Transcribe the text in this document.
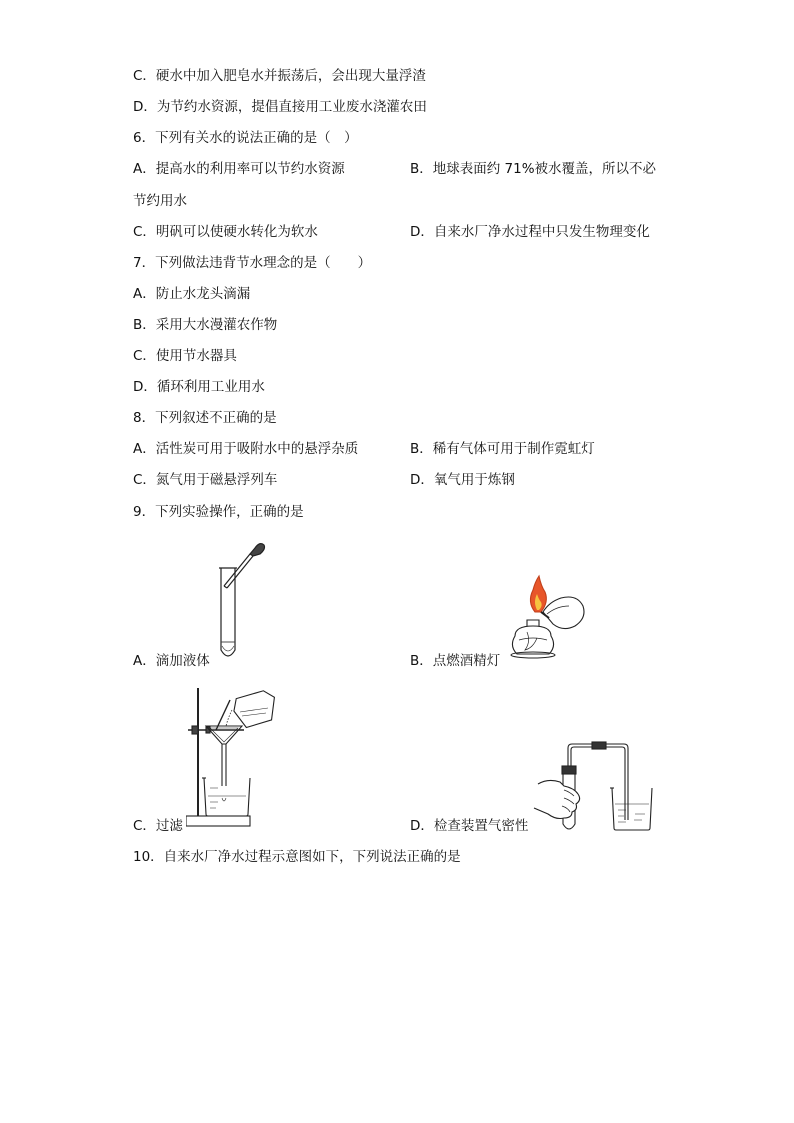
C．硬水中加入肥皂水并振荡后，会出现大量浮渣
D．为节约水资源，提倡直接用工业废水浇灌农田
6．下列有关水的说法正确的是（　）
A．提高水的利用率可以节约水资源	B．地球表面约 71%被水覆盖，所以不必
节约用水
C．明矾可以使硬水转化为软水	D．自来水厂净水过程中只发生物理变化
7．下列做法违背节水理念的是（　　）
A．防止水龙头滴漏
B．采用大水漫灌农作物
C．使用节水器具
D．循环利用工业用水
8．下列叙述不正确的是
A．活性炭可用于吸附水中的悬浮杂质	B．稀有气体可用于制作霓虹灯
C．氮气用于磁悬浮列车	D．氧气用于炼钢
9．下列实验操作，正确的是
A．滴加液体	B．点燃酒精灯
C．过滤	D．检查装置气密性
10．自来水厂净水过程示意图如下，下列说法正确的是
